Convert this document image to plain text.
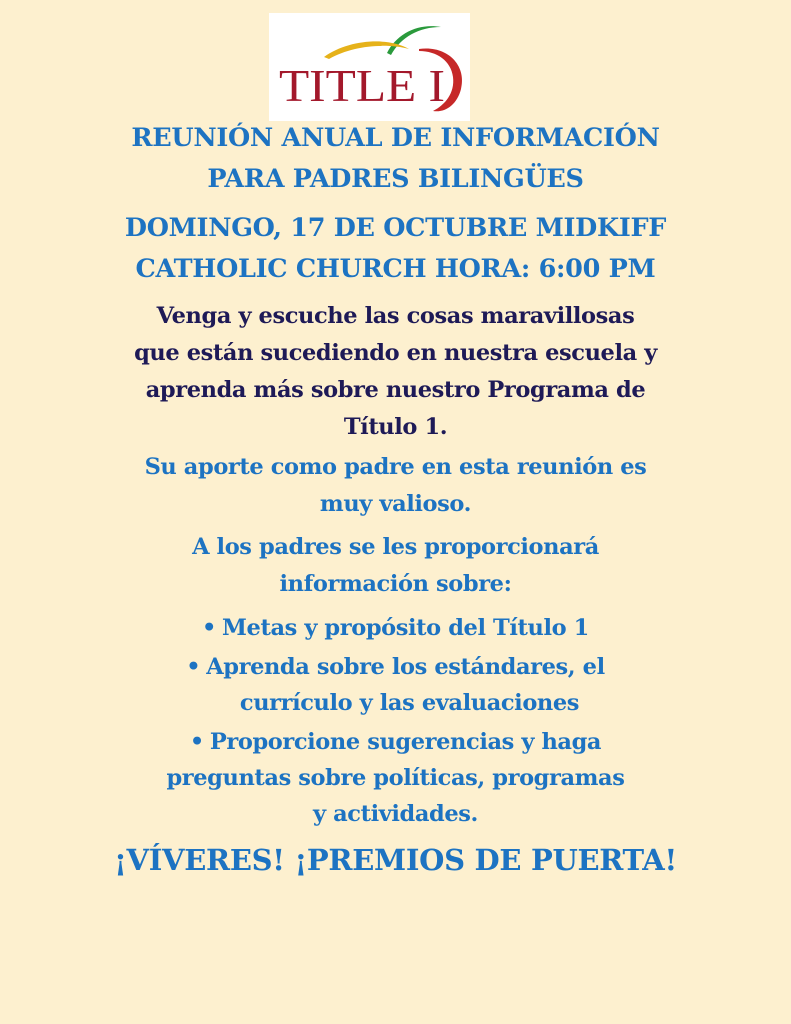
TITLE I
REUNIÓN ANUAL DE INFORMACIÓN
PARA PADRES BILINGÜES
DOMINGO, 17 DE OCTUBRE MIDKIFF
CATHOLIC CHURCH HORA: 6:00 PM
Venga y escuche las cosas maravillosas
que están sucediendo en nuestra escuela y
aprenda más sobre nuestro Programa de
Título 1.
Su aporte como padre en esta reunión es
muy valioso.
A los padres se les proporcionará
información sobre:
• Metas y propósito del Título 1
• Aprenda sobre los estándares, el
currículo y las evaluaciones
• Proporcione sugerencias y haga
preguntas sobre políticas, programas
y actividades.
¡VÍVERES! ¡PREMIOS DE PUERTA!
